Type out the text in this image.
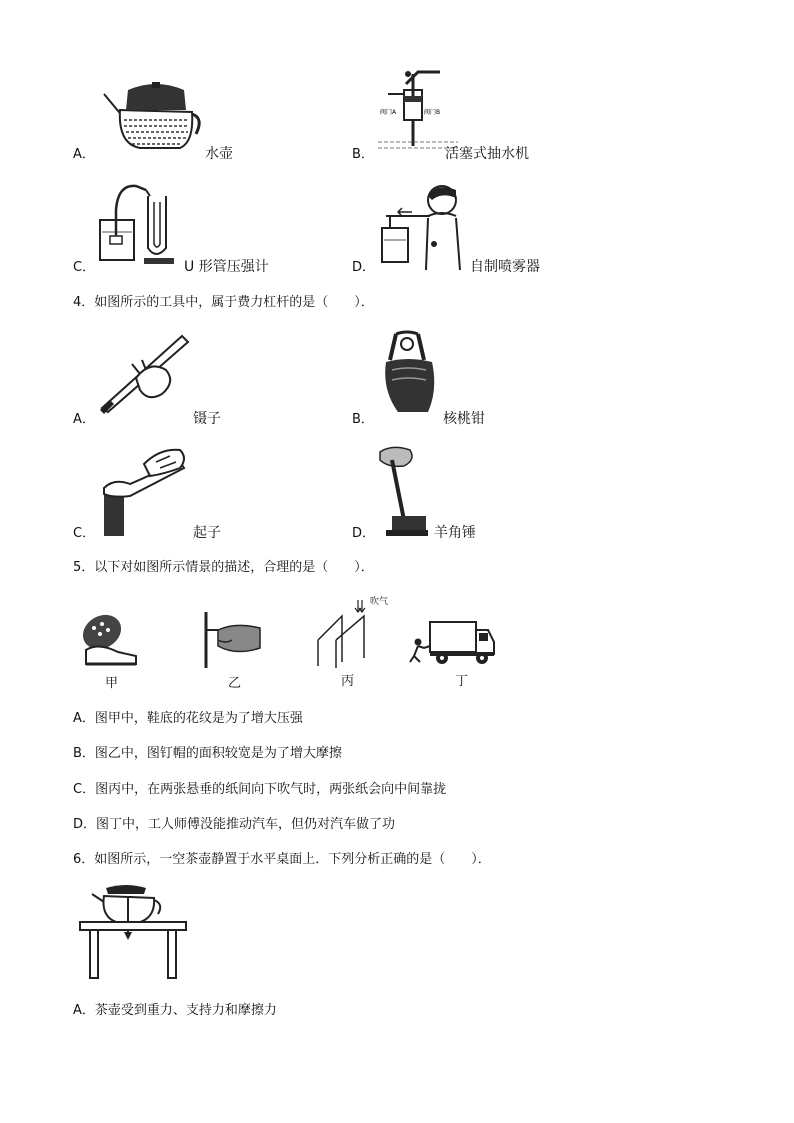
A．	水壶
阀门A	阀门B
B．	活塞式抽水机
C．	U 形管压强计	D．	自制喷雾器
4．如图所示的工具中，属于费力杠杆的是（　　）．
A．	镊子	B．	核桃钳
C．	起子	D．	羊角锤
5．以下对如图所示情景的描述，合理的是（　　）．
甲	乙
吹气
丙	丁
A．图甲中，鞋底的花纹是为了增大压强
B．图乙中，图钉帽的面积较宽是为了增大摩擦
C．图丙中，在两张悬垂的纸间向下吹气时，两张纸会向中间靠拢
D．图丁中，工人师傅没能推动汽车，但仍对汽车做了功
6．如图所示，一空茶壶静置于水平桌面上．下列分析正确的是（　　）．
A．茶壶受到重力、支持力和摩擦力
